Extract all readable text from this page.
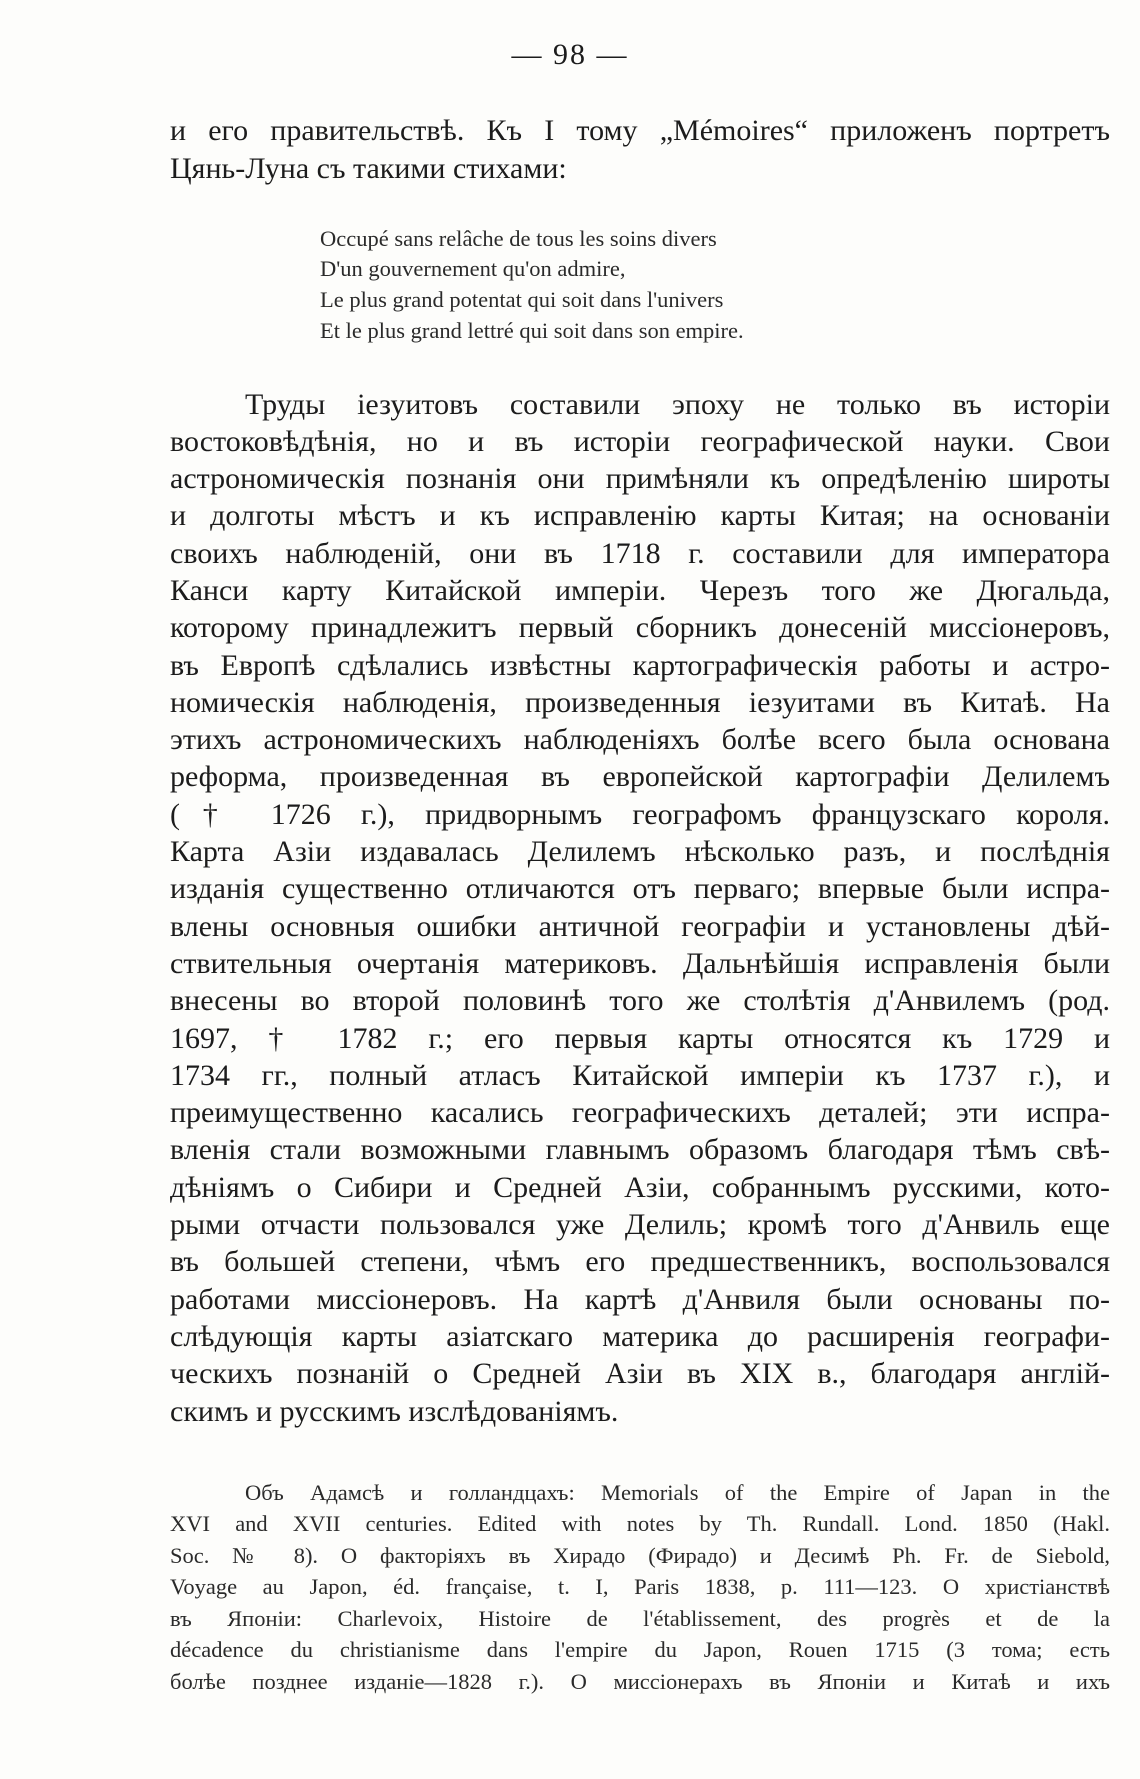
— 98 —
и его правительствѣ. Къ I тому „Mémoires“ приложенъ портретъ
Цянь-Луна съ такими стихами:
Occupé sans relâche de tous les soins divers
D'un gouvernement qu'on admire,
Le plus grand potentat qui soit dans l'univers
Et le plus grand lettré qui soit dans son empire.
Труды іезуитовъ составили эпоху не только въ исторіи
востоковѣдѣнія, но и въ исторіи географической науки. Свои
астрономическія познанія они примѣняли къ опредѣленію широты
и долготы мѣстъ и къ исправленію карты Китая; на основаніи
своихъ наблюденій, они въ 1718 г. составили для императора
Канси карту Китайской имперіи. Черезъ того же Дюгальда,
которому принадлежитъ первый сборникъ донесеній миссіонеровъ,
въ Европѣ сдѣлались извѣстны картографическія работы и астро-
номическія наблюденія, произведенныя іезуитами въ Китаѣ. На
этихъ астрономическихъ наблюденіяхъ болѣе всего была основана
реформа, произведенная въ европейской картографіи Делилемъ
(† 1726 г.), придворнымъ географомъ французскаго короля.
Карта Азіи издавалась Делилемъ нѣсколько разъ, и послѣднія
изданія существенно отличаются отъ перваго; впервые были испра-
влены основныя ошибки античной географіи и установлены дѣй-
ствительныя очертанія материковъ. Дальнѣйшія исправленія были
внесены во второй половинѣ того же столѣтія д'Анвилемъ (род.
1697, † 1782 г.; его первыя карты относятся къ 1729 и
1734 гг., полный атласъ Китайской имперіи къ 1737 г.), и
преимущественно касались географическихъ деталей; эти испра-
вленія стали возможными главнымъ образомъ благодаря тѣмъ свѣ-
дѣніямъ о Сибири и Средней Азіи, собраннымъ русскими, кото-
рыми отчасти пользовался уже Делиль; кромѣ того д'Анвиль еще
въ большей степени, чѣмъ его предшественникъ, воспользовался
работами миссіонеровъ. На картѣ д'Анвиля были основаны по-
слѣдующія карты азіатскаго материка до расширенія географи-
ческихъ познаній о Средней Азіи въ XIX в., благодаря англій-
скимъ и русскимъ изслѣдованіямъ.
Объ Адамсѣ и голландцахъ: Memorials of the Empire of Japan in the
XVI and XVII centuries. Edited with notes by Th. Rundall. Lond. 1850 (Hakl.
Soc. № 8). О факторіяхъ въ Хирадо (Фирадо) и Десимѣ Ph. Fr. de Siebold,
Voyage au Japon, éd. française, t. I, Paris 1838, p. 111—123. О христіанствѣ
въ Японіи: Charlevoix, Histoire de l'établissement, des progrès et de la
décadence du christianisme dans l'empire du Japon, Rouen 1715 (3 тома; есть
болѣе позднее изданіе—1828 г.). О миссіонерахъ въ Японіи и Китаѣ и ихъ
